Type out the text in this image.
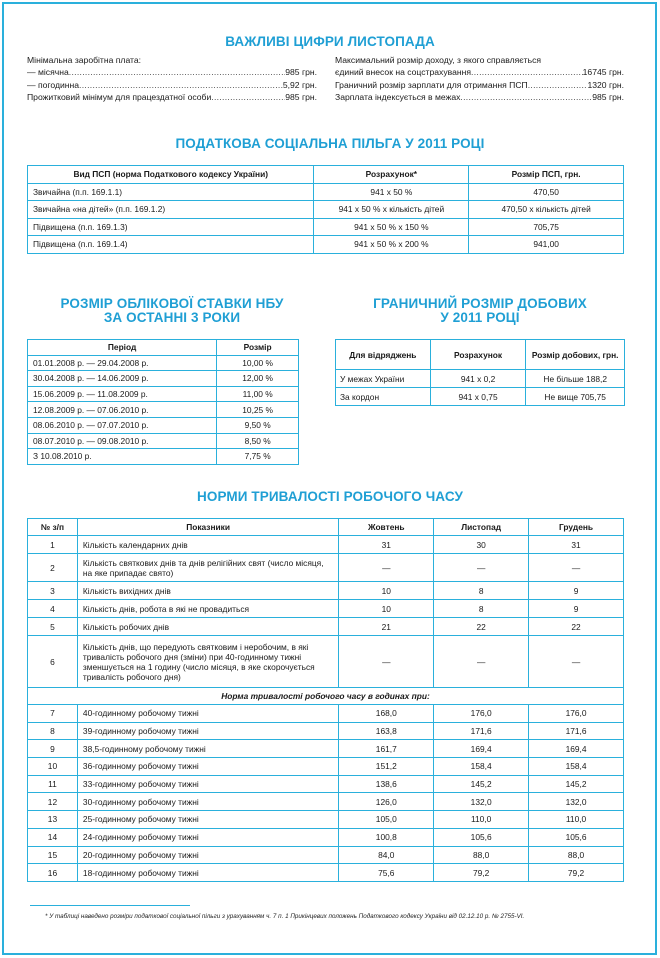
ВАЖЛИВІ ЦИФРИ ЛИСТОПАДА
Мінімальна заробітна плата:
— місячна .....	985 грн.
— погодинна .....	5,92 грн.
Прожитковий мінімум для працездатної особи .....	985 грн.
Максимальний розмір доходу, з якого справляється
єдиний внесок на соцстрахування .....	16745 грн.
Граничний розмір зарплати для отримання ПСП .....	1320 грн.
Зарплата індексується в межах .....	985 грн.
ПОДАТКОВА СОЦІАЛЬНА ПІЛЬГА У 2011 РОЦІ
Вид ПСП (норма Податкового кодексу України)	Розрахунок*	Розмір ПСП, грн.
Звичайна (п.п. 169.1.1)	941 х 50 %	470,50
Звичайна «на дітей» (п.п. 169.1.2)	941 х 50 % х кількість дітей	470,50 х кількість дітей
Підвищена (п.п. 169.1.3)	941 х 50 % х 150 %	705,75
Підвищена (п.п. 169.1.4)	941 х 50 % х 200 %	941,00
РОЗМІР ОБЛІКОВОЇ СТАВКИ НБУ
ЗА ОСТАННІ 3 РОКИ
Період	Розмір
01.01.2008 р. — 29.04.2008 р.	10,00 %
30.04.2008 р. — 14.06.2009 р.	12,00 %
15.06.2009 р. — 11.08.2009 р.	11,00 %
12.08.2009 р. — 07.06.2010 р.	10,25 %
08.06.2010 р. — 07.07.2010 р.	9,50 %
08.07.2010 р. — 09.08.2010 р.	8,50 %
З 10.08.2010 р.	7,75 %
ГРАНИЧНИЙ РОЗМІР ДОБОВИХ
У 2011 РОЦІ
Для відряджень	Розрахунок	Розмір добових, грн.
У межах України	941 х 0,2	Не більше 188,2
За кордон	941 х 0,75	Не вище 705,75
НОРМИ ТРИВАЛОСТІ РОБОЧОГО ЧАСУ
№ з/п	Показники	Жовтень	Листопад	Грудень
1	Кількість календарних днів	31	30	31
2	Кількість святкових днів та днів релігійних свят (число місяця, на яке припадає свято)	—	—	—
3	Кількість вихідних днів	10	8	9
4	Кількість днів, робота в які не провадиться	10	8	9
5	Кількість робочих днів	21	22	22
6	Кількість днів, що передують святковим і неробочим, в які тривалість робочого дня (зміни) при 40-годинному тижні зменшується на 1 годину (число місяця, в яке скорочується тривалість робочого дня)	—	—	—
Норма тривалості робочого часу в годинах при:				
7	40-годинному робочому тижні	168,0	176,0	176,0
8	39-годинному робочому тижні	163,8	171,6	171,6
9	38,5-годинному робочому тижні	161,7	169,4	169,4
10	36-годинному робочому тижні	151,2	158,4	158,4
11	33-годинному робочому тижні	138,6	145,2	145,2
12	30-годинному робочому тижні	126,0	132,0	132,0
13	25-годинному робочому тижні	105,0	110,0	110,0
14	24-годинному робочому тижні	100,8	105,6	105,6
15	20-годинному робочому тижні	84,0	88,0	88,0
16	18-годинному робочому тижні	75,6	79,2	79,2
* У таблиці наведено розміри податкової соціальної пільги з урахуванням ч. 7 п. 1 Прикінцевих положень Податкового кодексу України від 02.12.10 р. № 2755-VI.
